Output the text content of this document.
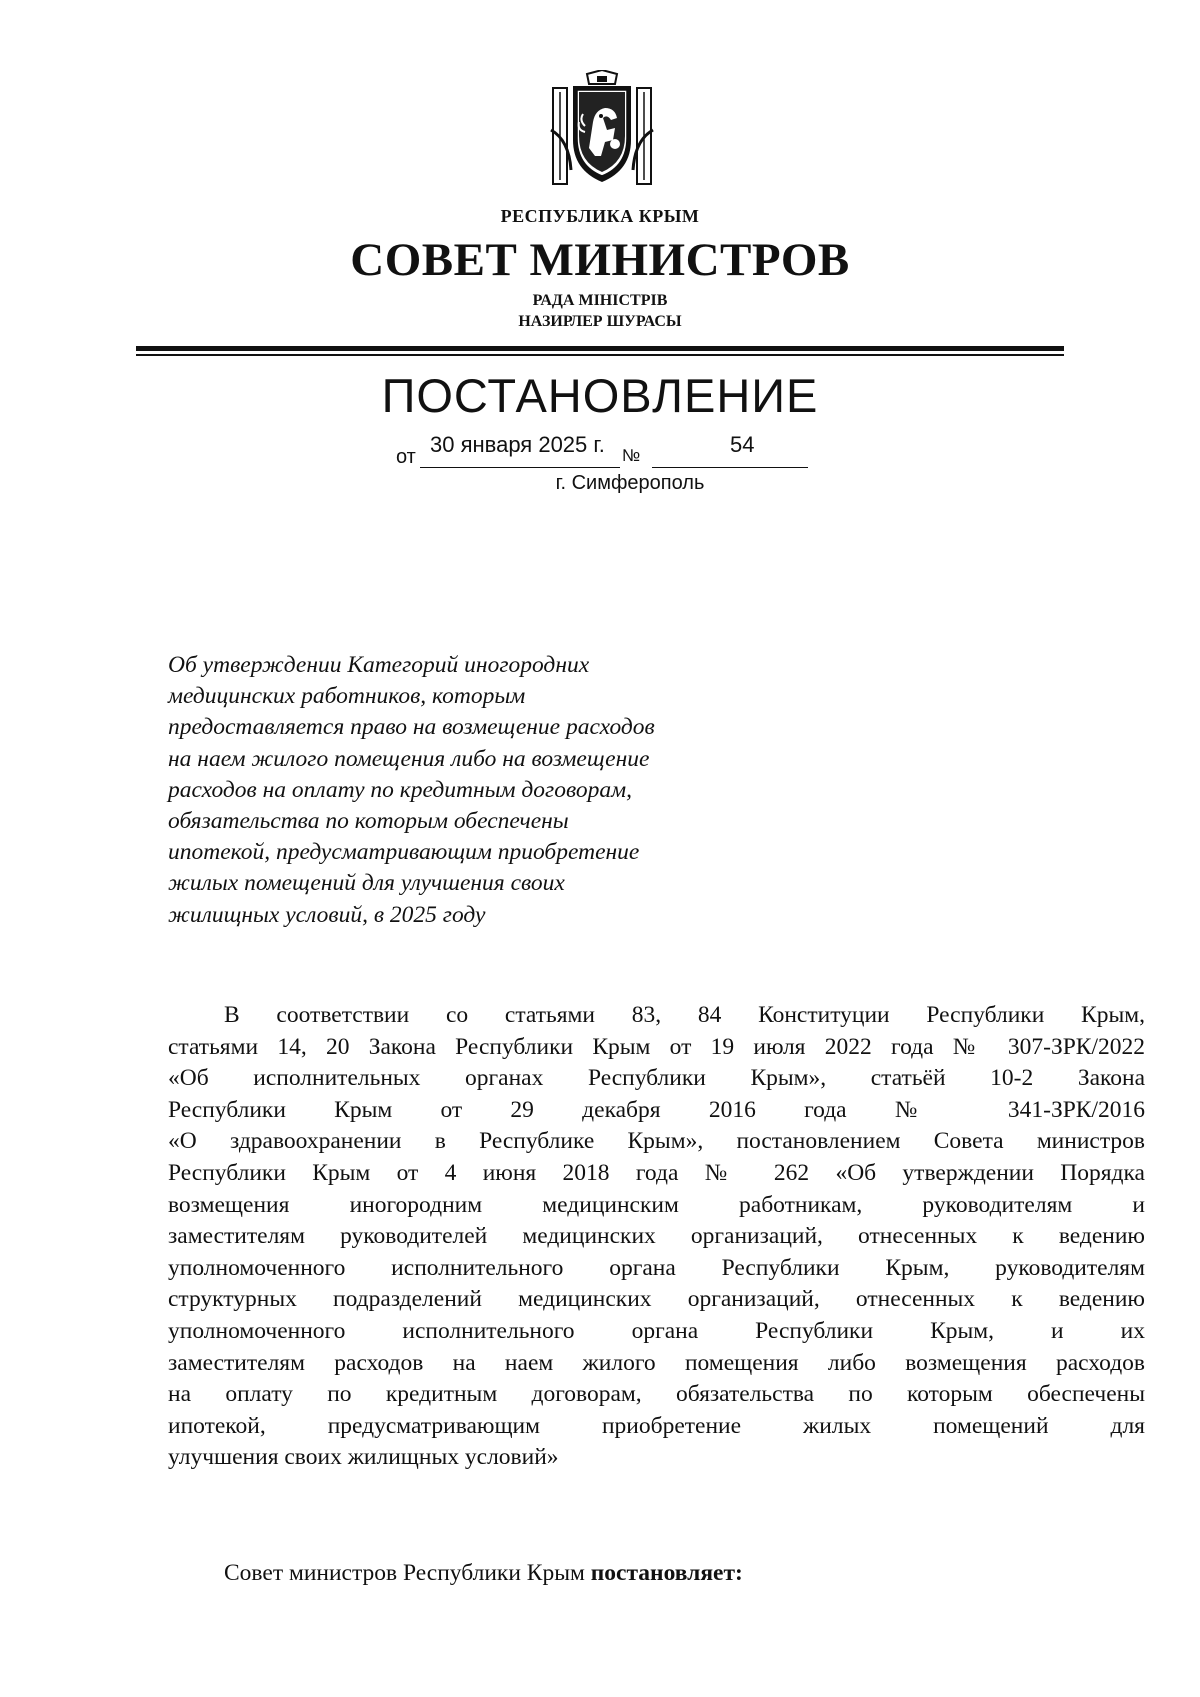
РЕСПУБЛИКА КРЫМ
СОВЕТ МИНИСТРОВ
РАДА МІНІСТРІВ
НАЗИРЛЕР ШУРАСЫ
ПОСТАНОВЛЕНИЕ
от 30 января 2025 г. №	54
г. Симферополь
Об утверждении Категорий иногородних
медицинских работников, которым
предоставляется право на возмещение расходов
на наем жилого помещения либо на возмещение
расходов на оплату по кредитным договорам,
обязательства по которым обеспечены
ипотекой, предусматривающим приобретение
жилых помещений для улучшения своих
жилищных условий, в 2025 году
В соответствии со статьями 83, 84 Конституции Республики Крым,
статьями 14, 20 Закона Республики Крым от 19 июля 2022 года № 307-ЗРК/2022
«Об исполнительных органах Республики Крым», статьёй 10-2 Закона
Республики Крым от 29 декабря 2016 года № 341-ЗРК/2016
«О здравоохранении в Республике Крым», постановлением Совета министров
Республики Крым от 4 июня 2018 года № 262 «Об утверждении Порядка
возмещения иногородним медицинским работникам, руководителям и
заместителям руководителей медицинских организаций, отнесенных к ведению
уполномоченного исполнительного органа Республики Крым, руководителям
структурных подразделений медицинских организаций, отнесенных к ведению
уполномоченного исполнительного органа Республики Крым, и их
заместителям расходов на наем жилого помещения либо возмещения расходов
на оплату по кредитным договорам, обязательства по которым обеспечены
ипотекой, предусматривающим приобретение жилых помещений для
улучшения своих жилищных условий»
Совет министров Республики Крым постановляет:
